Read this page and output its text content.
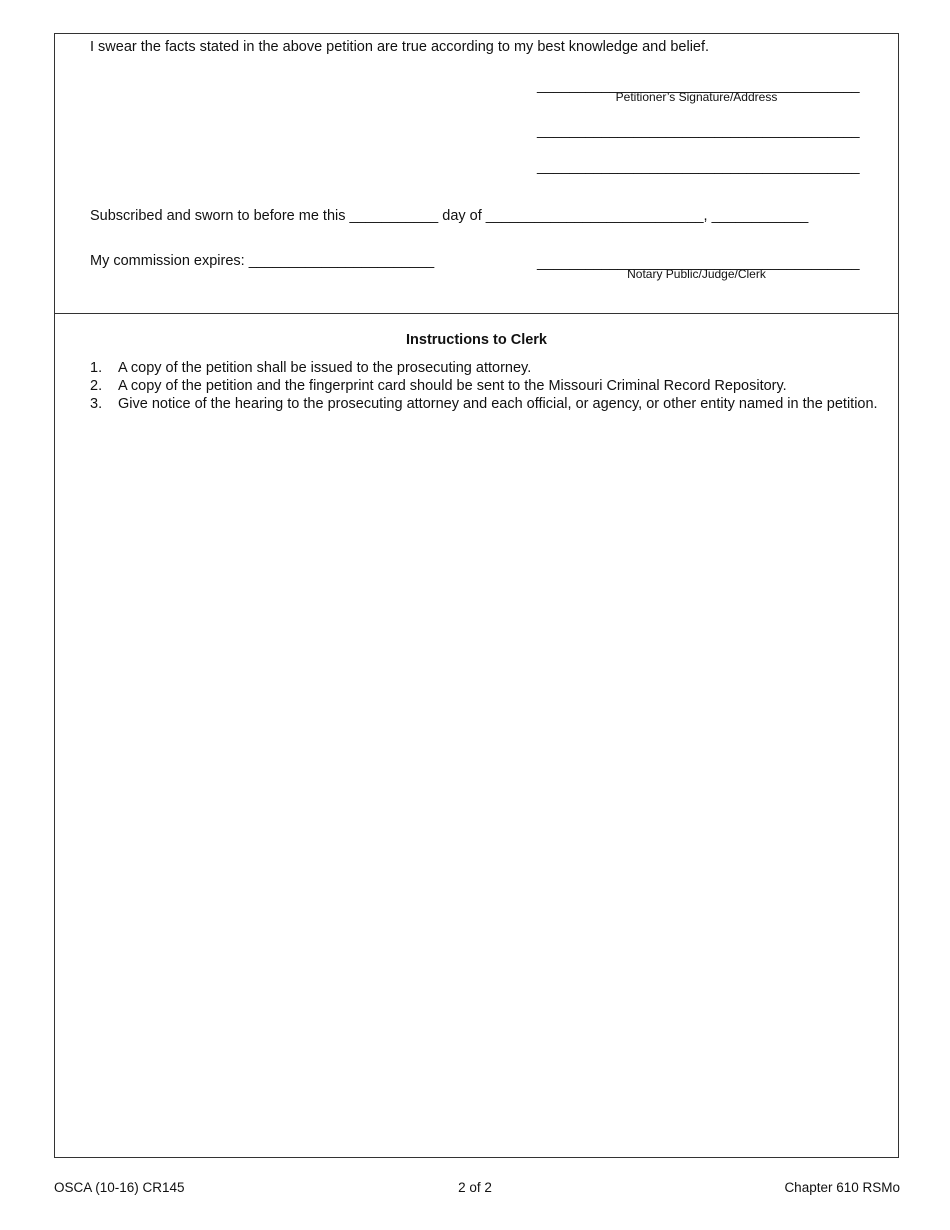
I swear the facts stated in the above petition are true according to my best knowledge and belief.
________________________________________
Petitioner’s Signature/Address
________________________________________
________________________________________
Subscribed and sworn to before me this ___________ day of ___________________________, ____________
My commission expires: _______________________	________________________________________
Notary Public/Judge/Clerk
Instructions to Clerk
1. A copy of the petition shall be issued to the prosecuting attorney.
2. A copy of the petition and the fingerprint card should be sent to the Missouri Criminal Record Repository.
3. Give notice of the hearing to the prosecuting attorney and each official, or agency, or other entity named in the petition.
OSCA (10-16) CR145	2 of 2	Chapter 610 RSMo
